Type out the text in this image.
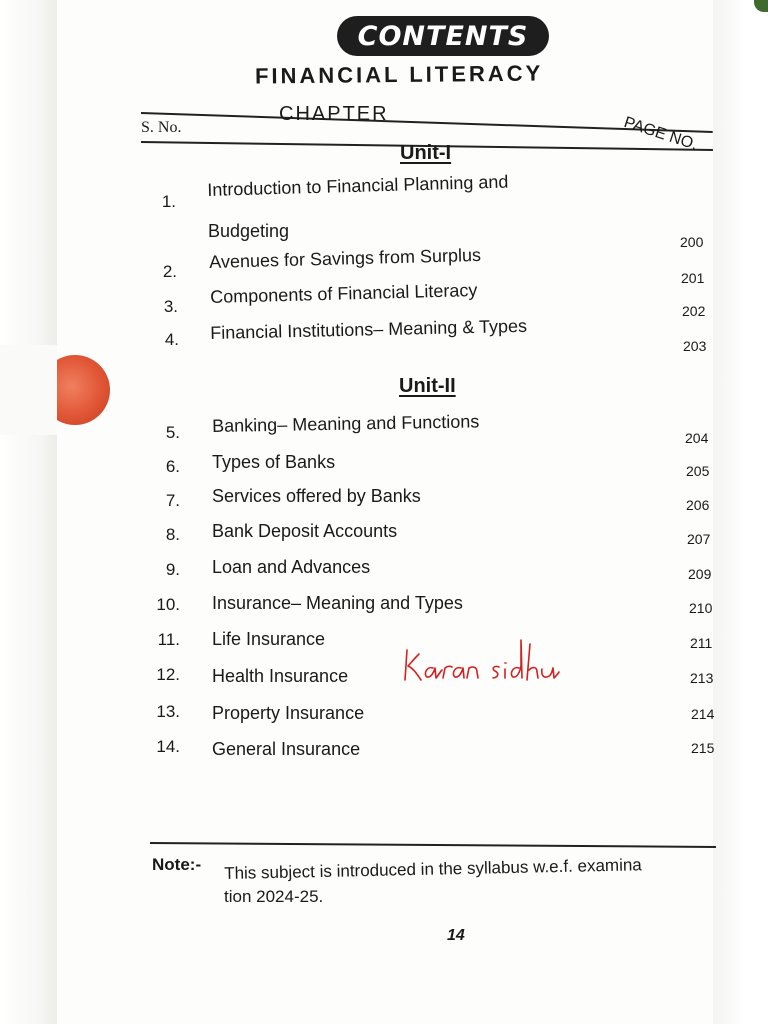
CONTENTS
FINANCIAL LITERACY
S. No.
CHAPTER	PAGE NO.
Unit-I
1.
Introduction to Financial Planning and
Budgeting
200
2. Avenues for Savings from Surplus
201
3. Components of Financial Literacy
202
4. Financial Institutions– Meaning & Types
203
Unit-II
5. Banking– Meaning and Functions
204
6. Types of Banks	205
7. Services offered by Banks	206
8. Bank Deposit Accounts	207
9. Loan and Advances	209
10. Insurance– Meaning and Types	210
11. Life Insurance	211
12. Health Insurance	213
13. Property Insurance	214
14. General Insurance	215
Note:- This subject is introduced in the syllabus w.e.f. examina
tion 2024-25.
14
